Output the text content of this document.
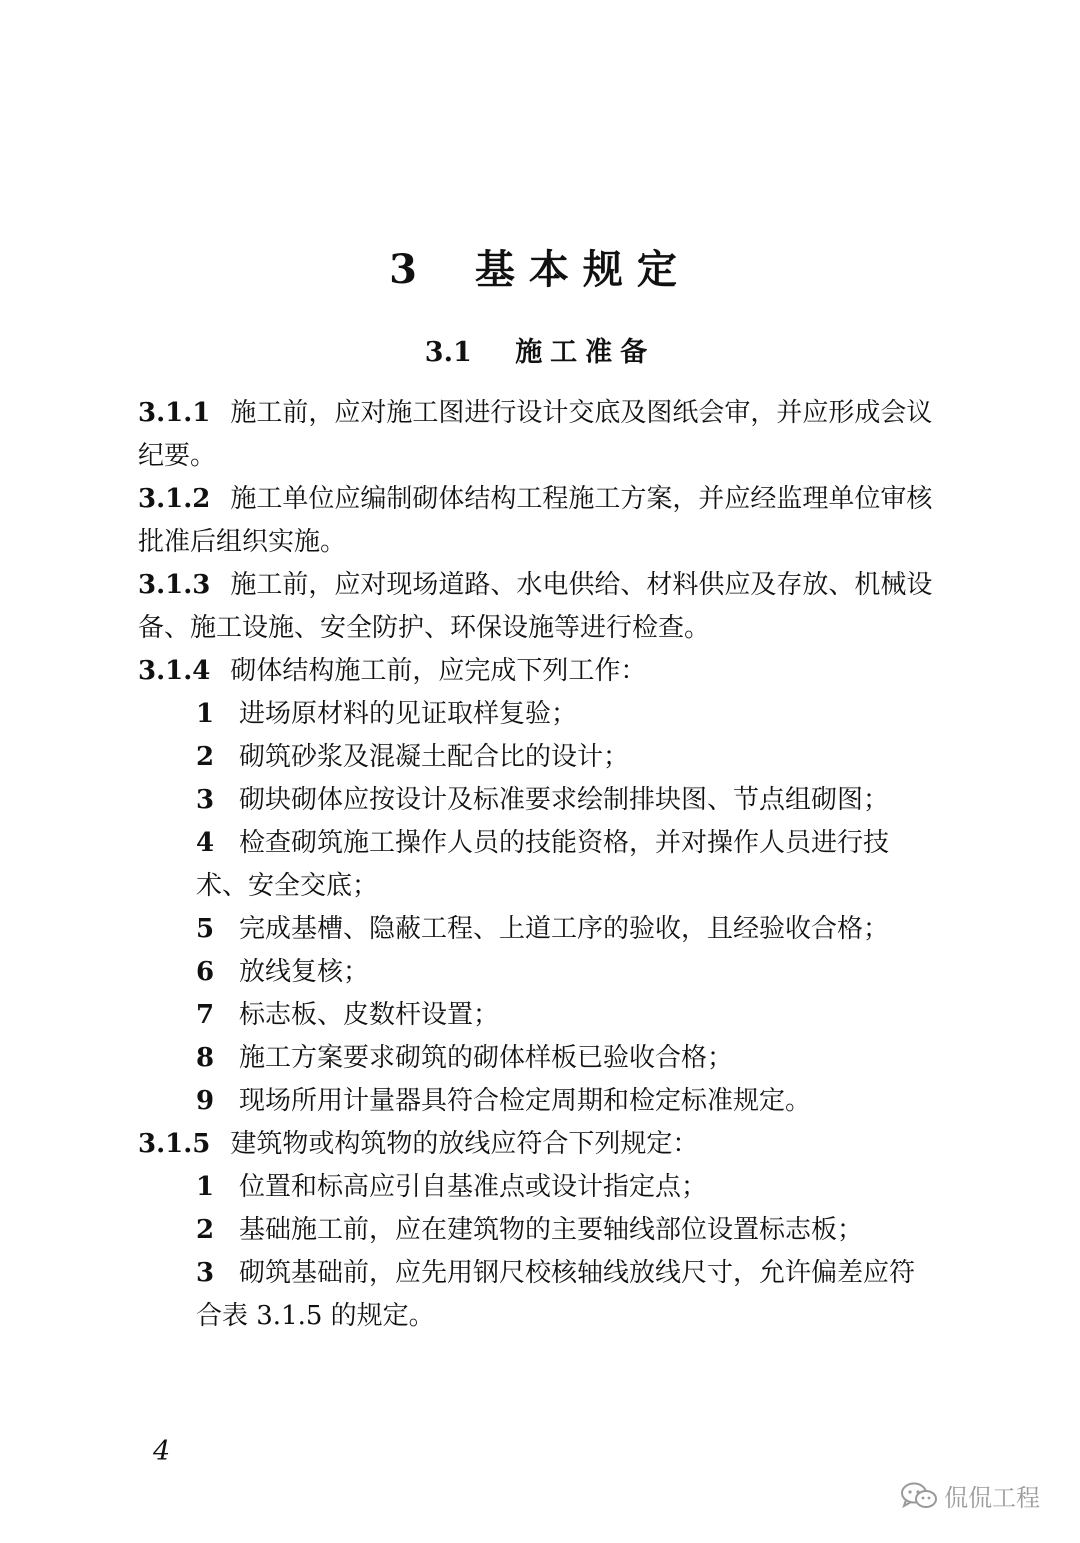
3 基本规定
3.1 施工准备

3.1.1 施工前，应对施工图进行设计交底及图纸会审，并应形成会议纪要。

3.1.2 施工单位应编制砌体结构工程施工方案，并应经监理单位审核批准后组织实施。

3.1.3 施工前，应对现场道路、水电供给、材料供应及存放、机械设备、施工设施、安全防护、环保设施等进行检查。

3.1.4 砌体结构施工前，应完成下列工作：

1 进场原材料的见证取样复验；

2 砌筑砂浆及混凝土配合比的设计；

3 砌块砌体应按设计及标准要求绘制排块图、节点组砌图；

4 检查砌筑施工操作人员的技能资格，并对操作人员进行技术、安全交底；

5 完成基槽、隐蔽工程、上道工序的验收，且经验收合格；

6 放线复核；

7 标志板、皮数杆设置；

8 施工方案要求砌筑的砌体样板已验收合格；

9 现场所用计量器具符合检定周期和检定标准规定。

3.1.5 建筑物或构筑物的放线应符合下列规定：

1 位置和标高应引自基准点或设计指定点；

2 基础施工前，应在建筑物的主要轴线部位设置标志板；

3 砌筑基础前，应先用钢尺校核轴线放线尺寸，允许偏差应符合表 3.1.5 的规定。

4
侃侃工程
